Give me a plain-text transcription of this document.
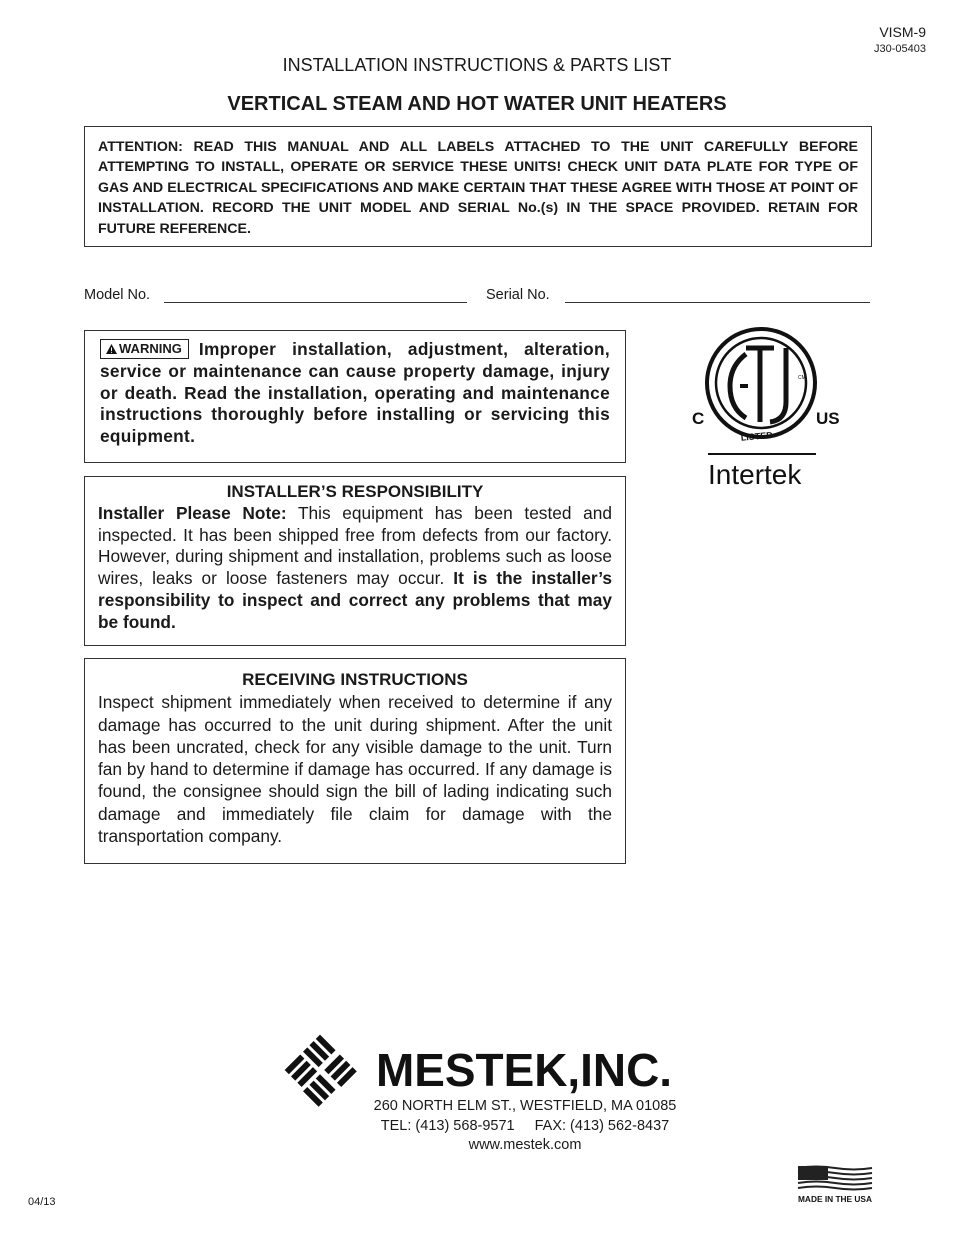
VISM-9
J30-05403
INSTALLATION INSTRUCTIONS & PARTS LIST
VERTICAL STEAM AND HOT WATER UNIT HEATERS
ATTENTION: READ THIS MANUAL AND ALL LABELS ATTACHED TO THE UNIT CAREFULLY BEFORE ATTEMPTING TO INSTALL, OPERATE OR SERVICE THESE UNITS! CHECK UNIT DATA PLATE FOR TYPE OF GAS AND ELECTRICAL SPECIFICATIONS AND MAKE CERTAIN THAT THESE AGREE WITH THOSE AT POINT OF INSTALLATION. RECORD THE UNIT MODEL AND SERIAL No.(s) IN THE SPACE PROVIDED. RETAIN FOR FUTURE REFERENCE.
Model No.	Serial No.
WARNING Improper installation, adjustment, alteration, service or maintenance can cause property damage, injury or death. Read the installation, operating and maintenance instructions thoroughly before installing or servicing this equipment.
INSTALLER’S RESPONSIBILITY
Installer Please Note: This equipment has been tested and inspected. It has been shipped free from defects from our factory. However, during shipment and installation, problems such as loose wires, leaks or loose fasteners may occur. It is the installer’s responsibility to inspect and correct any problems that may be found.
RECEIVING INSTRUCTIONS
Inspect shipment immediately when received to determine if any damage has occurred to the unit during shipment. After the unit has been uncrated, check for any visible damage to the unit. Turn fan by hand to determine if damage has occurred. If any damage is found, the consignee should sign the bill of lading indicating such damage and immediately file claim for damage with the transportation company.
CM
C	US
LISTED
Intertek
MESTEK,INC.
260 NORTH ELM ST., WESTFIELD, MA 01085
TEL: (413) 568-9571 FAX: (413) 562-8437
www.mestek.com
04/13	MADE IN THE USA
